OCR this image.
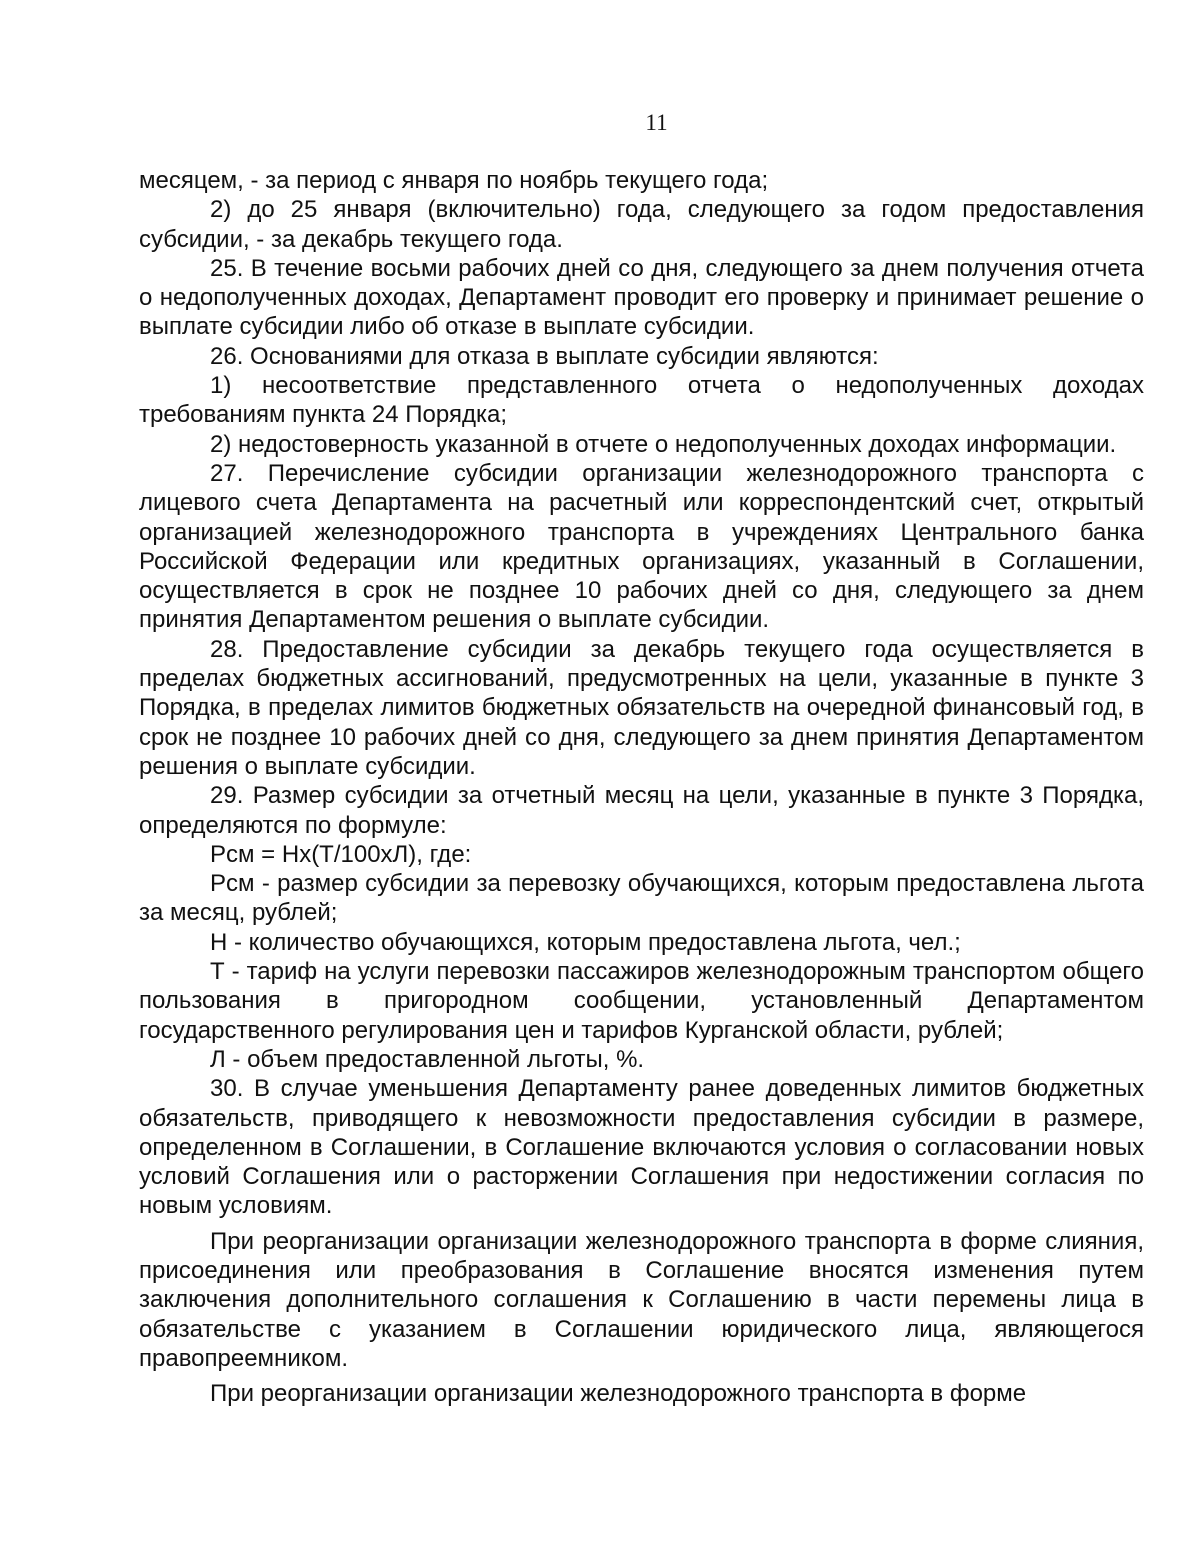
11

месяцем, - за период с января по ноябрь текущего года;

2) до 25 января (включительно) года, следующего за годом предоставления субсидии, - за декабрь текущего года.

25. В течение восьми рабочих дней со дня, следующего за днем получения отчета о недополученных доходах, Департамент проводит его проверку и принимает решение о выплате субсидии либо об отказе в выплате субсидии.

26. Основаниями для отказа в выплате субсидии являются:

1) несоответствие представленного отчета о недополученных доходах требованиям пункта 24 Порядка;

2) недостоверность указанной в отчете о недополученных доходах информации.

27. Перечисление субсидии организации железнодорожного транспорта с лицевого счета Департамента на расчетный или корреспондентский счет, открытый организацией железнодорожного транспорта в учреждениях Центрального банка Российской Федерации или кредитных организациях, указанный в Соглашении, осуществляется в срок не позднее 10 рабочих дней со дня, следующего за днем принятия Департаментом решения о выплате субсидии.

28. Предоставление субсидии за декабрь текущего года осуществляется в пределах бюджетных ассигнований, предусмотренных на цели, указанные в пункте 3 Порядка, в пределах лимитов бюджетных обязательств на очередной финансовый год, в срок не позднее 10 рабочих дней со дня, следующего за днем принятия Департаментом решения о выплате субсидии.

29. Размер субсидии за отчетный месяц на цели, указанные в пункте 3 Порядка, определяются по формуле:

Рсм = Нх(Т/100хЛ), где:

Рсм - размер субсидии за перевозку обучающихся, которым предоставлена льгота за месяц, рублей;

Н - количество обучающихся, которым предоставлена льгота, чел.;

Т - тариф на услуги перевозки пассажиров железнодорожным транспортом общего пользования в пригородном сообщении, установленный Департаментом государственного регулирования цен и тарифов Курганской области, рублей;

Л - объем предоставленной льготы, %.

30. В случае уменьшения Департаменту ранее доведенных лимитов бюджетных обязательств, приводящего к невозможности предоставления субсидии в размере, определенном в Соглашении, в Соглашение включаются условия о согласовании новых условий Соглашения или о расторжении Соглашения при недостижении согласия по новым условиям.

При реорганизации организации железнодорожного транспорта в форме слияния, присоединения или преобразования в Соглашение вносятся изменения путем заключения дополнительного соглашения к Соглашению в части перемены лица в обязательстве с указанием в Соглашении юридического лица, являющегося правопреемником.

При реорганизации организации железнодорожного транспорта в форме
